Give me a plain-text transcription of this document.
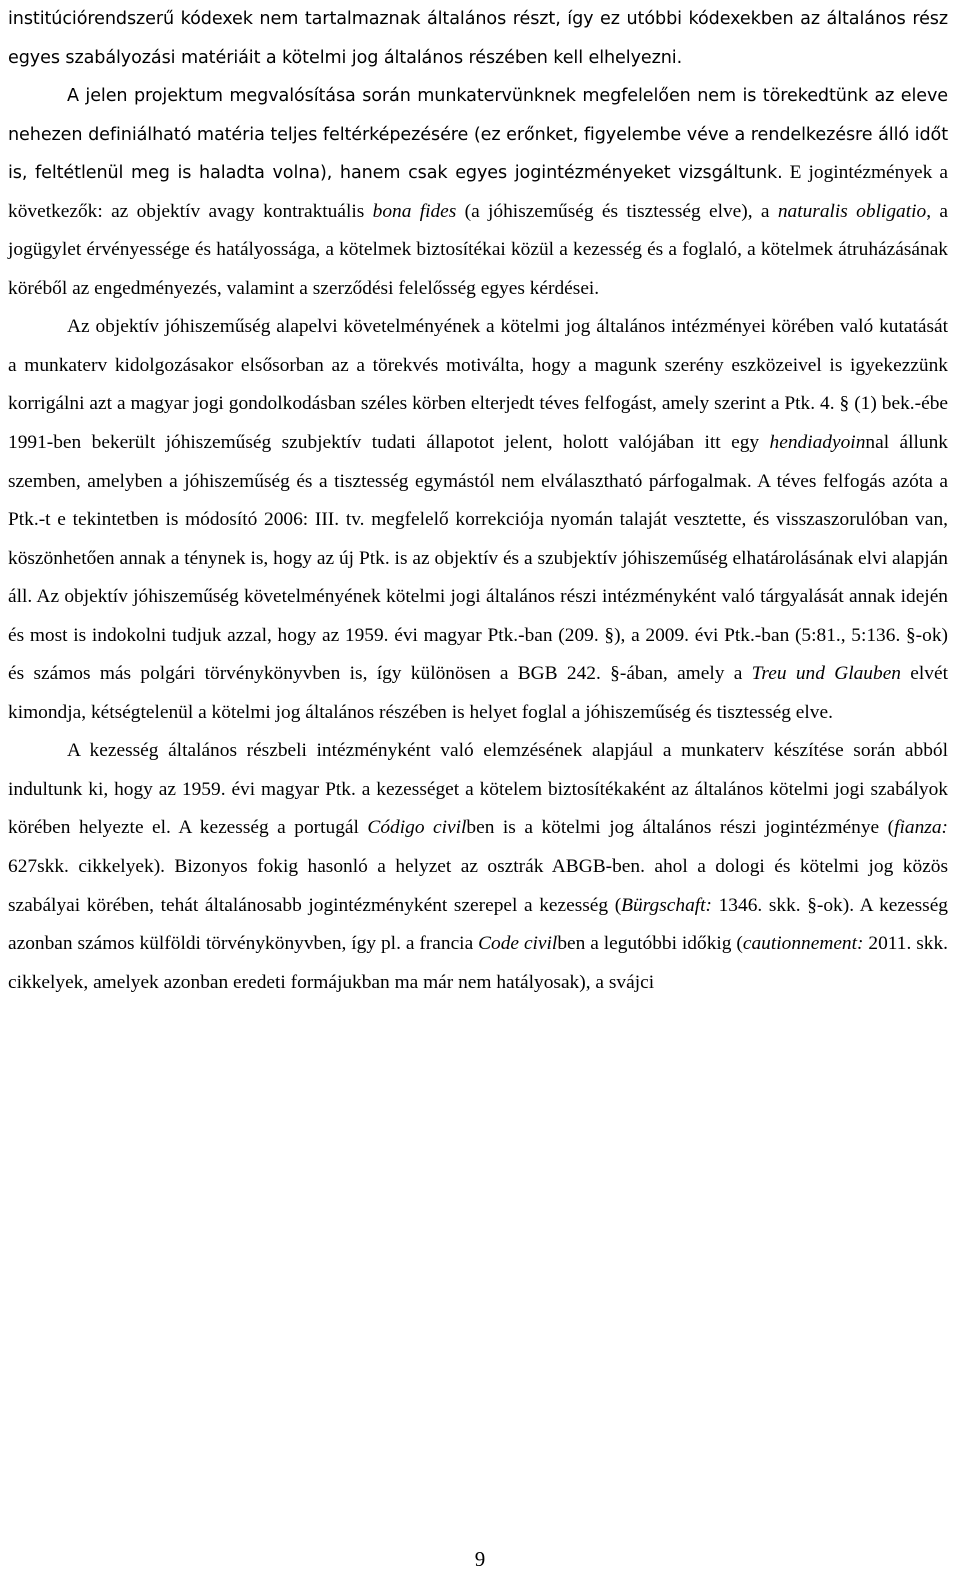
institúciórendszerű kódexek nem tartalmaznak általános részt, így ez utóbbi kódexekben az általános rész egyes szabályozási matériáit a kötelmi jog általános részében kell elhelyezni.

A jelen projektum megvalósítása során munkatervünknek megfelelően nem is törekedtünk az eleve nehezen definiálható matéria teljes feltérképezésére (ez erőnket, figyelembe véve a rendelkezésre álló időt is, feltétlenül meg is haladta volna), hanem csak egyes jogintézményeket vizsgáltunk. E jogintézmények a következők: az objektív avagy kontraktuális bona fides (a jóhiszeműség és tisztesség elve), a naturalis obligatio, a jogügylet érvényessége és hatályossága, a kötelmek biztosítékai közül a kezesség és a foglaló, a kötelmek átruházásának köréből az engedményezés, valamint a szerződési felelősség egyes kérdései.

Az objektív jóhiszeműség alapelvi követelményének a kötelmi jog általános intézményei körében való kutatását a munkaterv kidolgozásakor elsősorban az a törekvés motiválta, hogy a magunk szerény eszközeivel is igyekezzünk korrigálni azt a magyar jogi gondolkodásban széles körben elterjedt téves felfogást, amely szerint a Ptk. 4. § (1) bek.-ébe 1991-ben bekerült jóhiszeműség szubjektív tudati állapotot jelent, holott valójában itt egy hendiadyoinnal állunk szemben, amelyben a jóhiszeműség és a tisztesség egymástól nem elválasztható párfogalmak. A téves felfogás azóta a Ptk.-t e tekintetben is módosító 2006: III. tv. megfelelő korrekciója nyomán talaját vesztette, és visszaszorulóban van, köszönhetően annak a ténynek is, hogy az új Ptk. is az objektív és a szubjektív jóhiszeműség elhatárolásának elvi alapján áll. Az objektív jóhiszeműség követelményének kötelmi jogi általános részi intézményként való tárgyalását annak idején és most is indokolni tudjuk azzal, hogy az 1959. évi magyar Ptk.-ban (209. §), a 2009. évi Ptk.-ban (5:81., 5:136. §-ok) és számos más polgári törvénykönyvben is, így különösen a BGB 242. §-ában, amely a Treu und Glauben elvét kimondja, kétségtelenül a kötelmi jog általános részében is helyet foglal a jóhiszeműség és tisztesség elve.

A kezesség általános részbeli intézményként való elemzésének alapjául a munkaterv készítése során abból indultunk ki, hogy az 1959. évi magyar Ptk. a kezességet a kötelem biztosítékaként az általános kötelmi jogi szabályok körében helyezte el. A kezesség a portugál Código civilben is a kötelmi jog általános részi jogintézménye (fianza: 627skk. cikkelyek). Bizonyos fokig hasonló a helyzet az osztrák ABGB-ben. ahol a dologi és kötelmi jog közös szabályai körében, tehát általánosabb jogintézményként szerepel a kezesség (Bürgschaft: 1346. skk. §-ok). A kezesség azonban számos külföldi törvénykönyvben, így pl. a francia Code civilben a legutóbbi időkig (cautionnement: 2011. skk. cikkelyek, amelyek azonban eredeti formájukban ma már nem hatályosak), a svájci

9
